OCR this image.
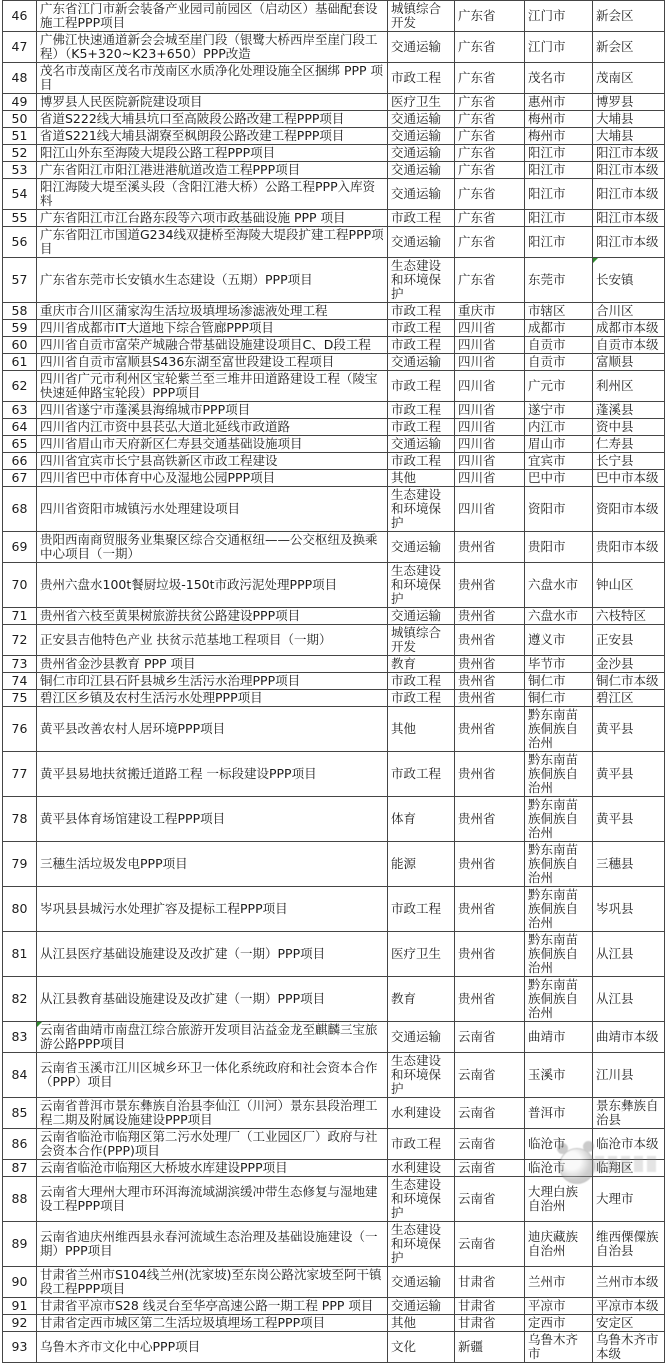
46	广东省江门市新会装备产业园司前园区（启动区）基础配套设施工程PPP项目	城镇综合开发	广东省	江门市	新会区
47	广佛江快速通道新会会城至崖门段（银鹭大桥西岸至崖门段工程）（K5+320~K23+650）PPP改造	交通运输	广东省	江门市	新会区
48	茂名市茂南区茂名市茂南区水质净化处理设施全区捆绑 PPP 项目	市政工程	广东省	茂名市	茂南区
49	博罗县人民医院新院建设项目	医疗卫生	广东省	惠州市	博罗县
50	省道S222线大埔县坑口至高陂段公路改建工程PPP项目	交通运输	广东省	梅州市	大埔县
51	省道S221线大埔县湖寮至枫朗段公路改建工程PPP项目	交通运输	广东省	梅州市	大埔县
52	阳江山外东至海陵大堤段公路工程PPP项目	交通运输	广东省	阳江市	阳江市本级
53	广东省阳江市阳江港进港航道改造工程PPP项目	交通运输	广东省	阳江市	阳江市本级
54	阳江海陵大堤至溪头段（含阳江港大桥）公路工程PPP入库资料	交通运输	广东省	阳江市	阳江市本级
55	广东省阳江市江台路东段等六项市政基础设施 PPP 项目	市政工程	广东省	阳江市	阳江市本级
56	广东省阳江市国道G234线双捷桥至海陵大堤段扩建工程PPP项目	交通运输	广东省	阳江市	阳江市本级
57	广东省东莞市长安镇水生态建设（五期）PPP项目	生态建设和环境保护	广东省	东莞市	长安镇
58	重庆市合川区蒲家沟生活垃圾填埋场渗滤液处理工程	市政工程	重庆市	市辖区	合川区
59	四川省成都市IT大道地下综合管廊PPP项目	市政工程	四川省	成都市	成都市本级
60	四川省自贡市富荣产城融合带基础设施建设项目C、D段工程	市政工程	四川省	自贡市	自贡市本级
61	四川省自贡市富顺县S436东湖至富世段建设工程项目	交通运输	四川省	自贡市	富顺县
62	四川省广元市利州区宝轮紫兰至三堆井田道路建设工程（陵宝快速延伸路宝轮段）PPP项目	市政工程	四川省	广元市	利州区
63	四川省遂宁市蓬溪县海绵城市PPP项目	市政工程	四川省	遂宁市	蓬溪县
64	四川省内江市资中县苌弘大道北延线市政道路	市政工程	四川省	内江市	资中县
65	四川省眉山市天府新区仁寿县交通基础设施项目	交通运输	四川省	眉山市	仁寿县
66	四川省宜宾市长宁县高铁新区市政工程建设	市政工程	四川省	宜宾市	长宁县
67	四川省巴中市体育中心及湿地公园PPP项目	其他	四川省	巴中市	巴中市本级
68	四川省资阳市城镇污水处理建设项目	生态建设和环境保护	四川省	资阳市	资阳市本级
69	贵阳西南商贸服务业集聚区综合交通枢纽——公交枢纽及换乘中心项目（一期）	交通运输	贵州省	贵阳市	贵阳市本级
70	贵州六盘水100t餐厨垃圾-150t市政污泥处理PPP项目	生态建设和环境保护	贵州省	六盘水市	钟山区
71	贵州省六枝至黄果树旅游扶贫公路建设PPP项目	交通运输	贵州省	六盘水市	六枝特区
72	正安县吉他特色产业 扶贫示范基地工程项目（一期）	城镇综合开发	贵州省	遵义市	正安县
73	贵州省金沙县教育 PPP 项目	教育	贵州省	毕节市	金沙县
74	铜仁市印江县石阡县城乡生活污水治理PPP项目	市政工程	贵州省	铜仁市	铜仁市本级
75	碧江区乡镇及农村生活污水处理PPP项目	市政工程	贵州省	铜仁市	碧江区
76	黄平县改善农村人居环境PPP项目	其他	贵州省	黔东南苗族侗族自治州	黄平县
77	黄平县易地扶贫搬迁道路工程 一标段建设PPP项目	市政工程	贵州省	黔东南苗族侗族自治州	黄平县
78	黄平县体育场馆建设工程PPP项目	体育	贵州省	黔东南苗族侗族自治州	黄平县
79	三穗生活垃圾发电PPP项目	能源	贵州省	黔东南苗族侗族自治州	三穗县
80	岑巩县县城污水处理扩容及提标工程PPP项目	市政工程	贵州省	黔东南苗族侗族自治州	岑巩县
81	从江县医疗基础设施建设及改扩建（一期）PPP项目	医疗卫生	贵州省	黔东南苗族侗族自治州	从江县
82	从江县教育基础设施建设及改扩建（一期）PPP项目	教育	贵州省	黔东南苗族侗族自治州	从江县
83	云南省曲靖市南盘江综合旅游开发项目沾益金龙至麒麟三宝旅游公路PPP项目	交通运输	云南省	曲靖市	曲靖市本级
84	云南省玉溪市江川区城乡环卫一体化系统政府和社会资本合作（PPP）项目	生态建设和环境保护	云南省	玉溪市	江川县
85	云南省普洱市景东彝族自治县李仙江（川河）景东县段治理工程二期及附属设施建设PPP项目	水利建设	云南省	普洱市	景东彝族自治县
86	云南省临沧市临翔区第二污水处理厂（工业园区厂）政府与社会资本合作(PPP)项目	市政工程	云南省	临沧市	临沧市本级
87	云南省临沧市临翔区大桥坡水库建设PPP项目	水利建设	云南省	临沧市	临翔区
88	云南省大理州大理市环洱海流域湖滨缓冲带生态修复与湿地建设工程PPP项目	生态建设和环境保护	云南省	大理白族自治州	大理市
89	云南省迪庆州维西县永春河流域生态治理及基础设施建设（一期）PPP项目	生态建设和环境保护	云南省	迪庆藏族自治州	维西傈僳族自治县
90	甘肃省兰州市S104线兰州(沈家坡)至东岗公路沈家坡至阿干镇段工程PPP项目	交通运输	甘肃省	兰州市	兰州市本级
91	甘肃省平凉市S28 线灵台至华亭高速公路一期工程 PPP 项目	交通运输	甘肃省	平凉市	平凉市本级
92	甘肃省定西市城区第二生活垃圾填埋场工程PPP项目	其他	甘肃省	定西市	安定区
93	乌鲁木齐市文化中心PPP项目	文化	新疆	乌鲁木齐市	乌鲁木齐市本级
